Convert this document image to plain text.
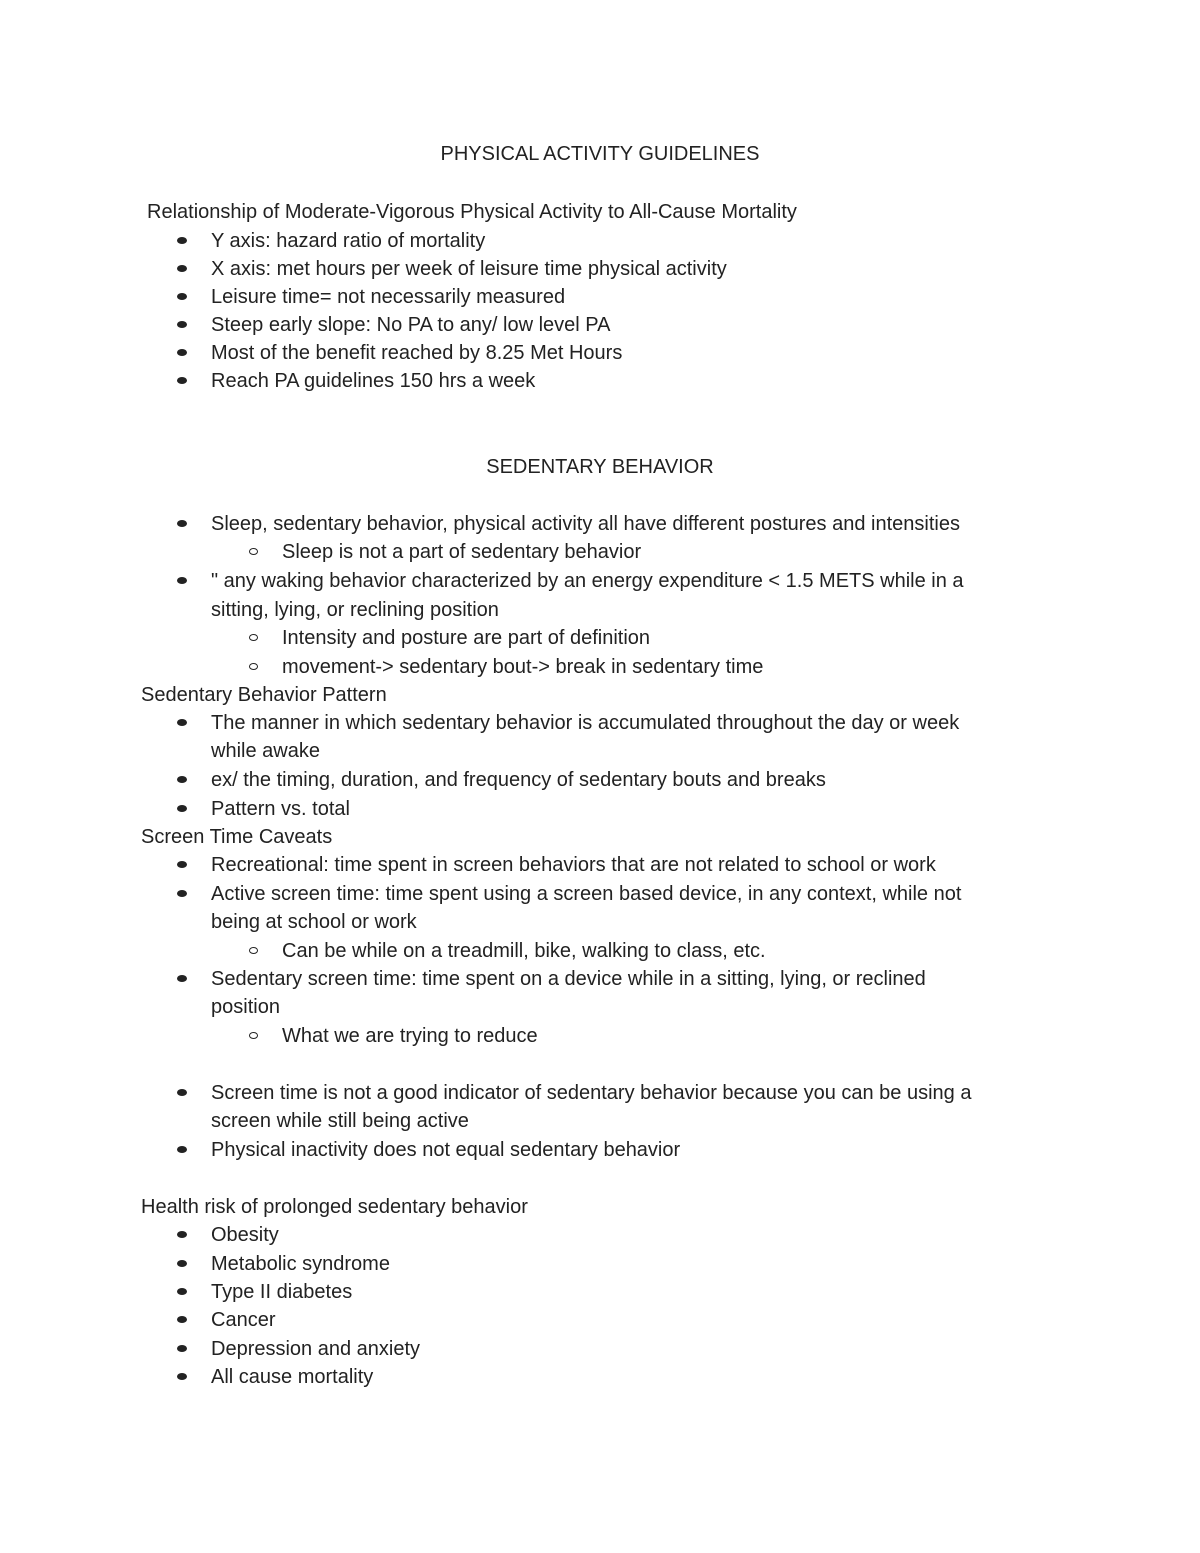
PHYSICAL ACTIVITY GUIDELINES
Relationship of Moderate-Vigorous Physical Activity to All-Cause Mortality
Y axis: hazard ratio of mortality
X axis: met hours per week of leisure time physical activity
Leisure time= not necessarily measured
Steep early slope: No PA to any/ low level PA
Most of the benefit reached by 8.25 Met Hours
Reach PA guidelines 150 hrs a week
SEDENTARY BEHAVIOR
Sleep, sedentary behavior, physical activity all have different postures and intensities
Sleep is not a part of sedentary behavior
" any waking behavior characterized by an energy expenditure < 1.5 METS while in a
sitting, lying, or reclining position
Intensity and posture are part of definition
movement-> sedentary bout-> break in sedentary time
Sedentary Behavior Pattern
The manner in which sedentary behavior is accumulated throughout the day or week
while awake
ex/ the timing, duration, and frequency of sedentary bouts and breaks
Pattern vs. total
Screen Time Caveats
Recreational: time spent in screen behaviors that are not related to school or work
Active screen time: time spent using a screen based device, in any context, while not
being at school or work
Can be while on a treadmill, bike, walking to class, etc.
Sedentary screen time: time spent on a device while in a sitting, lying, or reclined
position
What we are trying to reduce
Screen time is not a good indicator of sedentary behavior because you can be using a
screen while still being active
Physical inactivity does not equal sedentary behavior
Health risk of prolonged sedentary behavior
Obesity
Metabolic syndrome
Type II diabetes
Cancer
Depression and anxiety
All cause mortality
